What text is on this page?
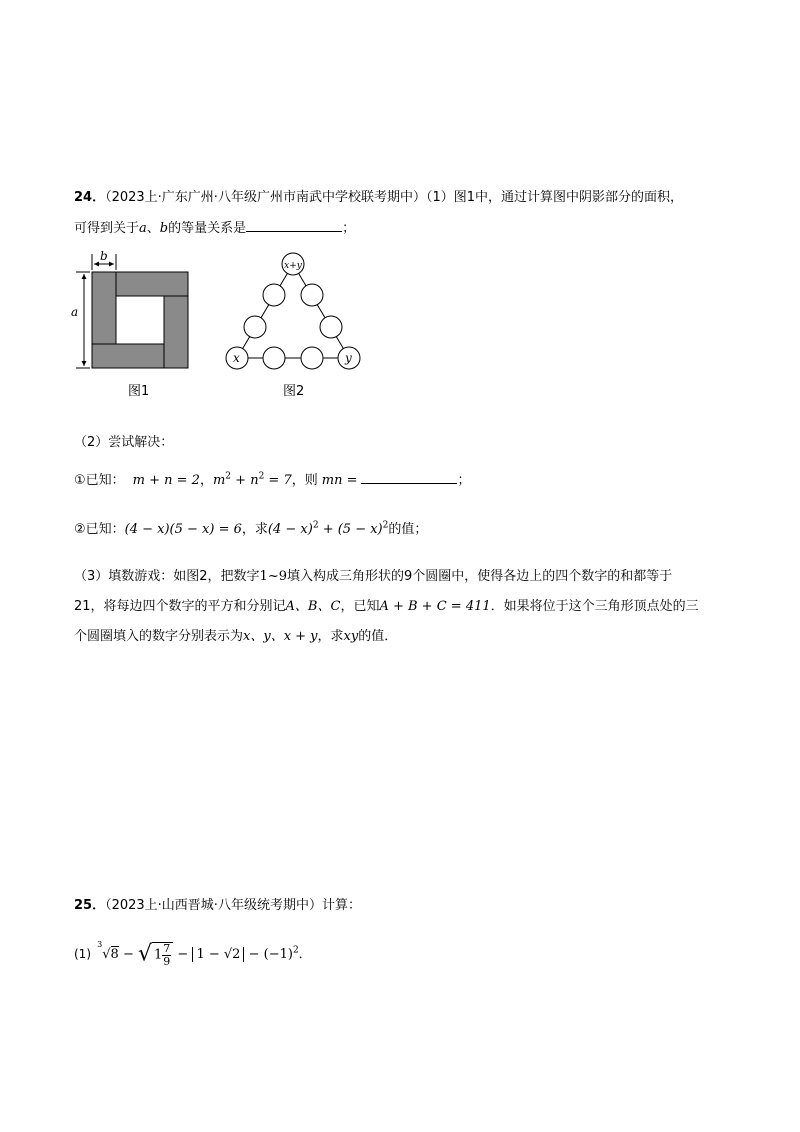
24．（2023上·广东广州·八年级广州市南武中学校联考期中）（1）图1中，通过计算图中阴影部分的面积，
可得到关于a、b的等量关系是	；
b
a
图1
x+y
x	y
图2
（2）尝试解决：
①已知： m + n = 2，$m^2 + n^2 = 7$，则 mn =	；
②已知：(4 − x)(5 − x) = 6，求$(4 - x)^2 + (5 - x)^2$的值；
（3）填数游戏：如图2，把数字1~9填入构成三角形状的9个圆圈中，使得各边上的四个数字的和都等于
21，将每边四个数字的平方和分别记A、B、C，已知A + B + C = 411．如果将位于这个三角形顶点处的三
个圆圈填入的数字分别表示为x、y、x + y，求xy的值．
25．（2023上·山西晋城·八年级统考期中）计算：
(1) $^3$√8 − √ $1 \frac{7}{9} - 1 - √2 - (-1)^2$．
